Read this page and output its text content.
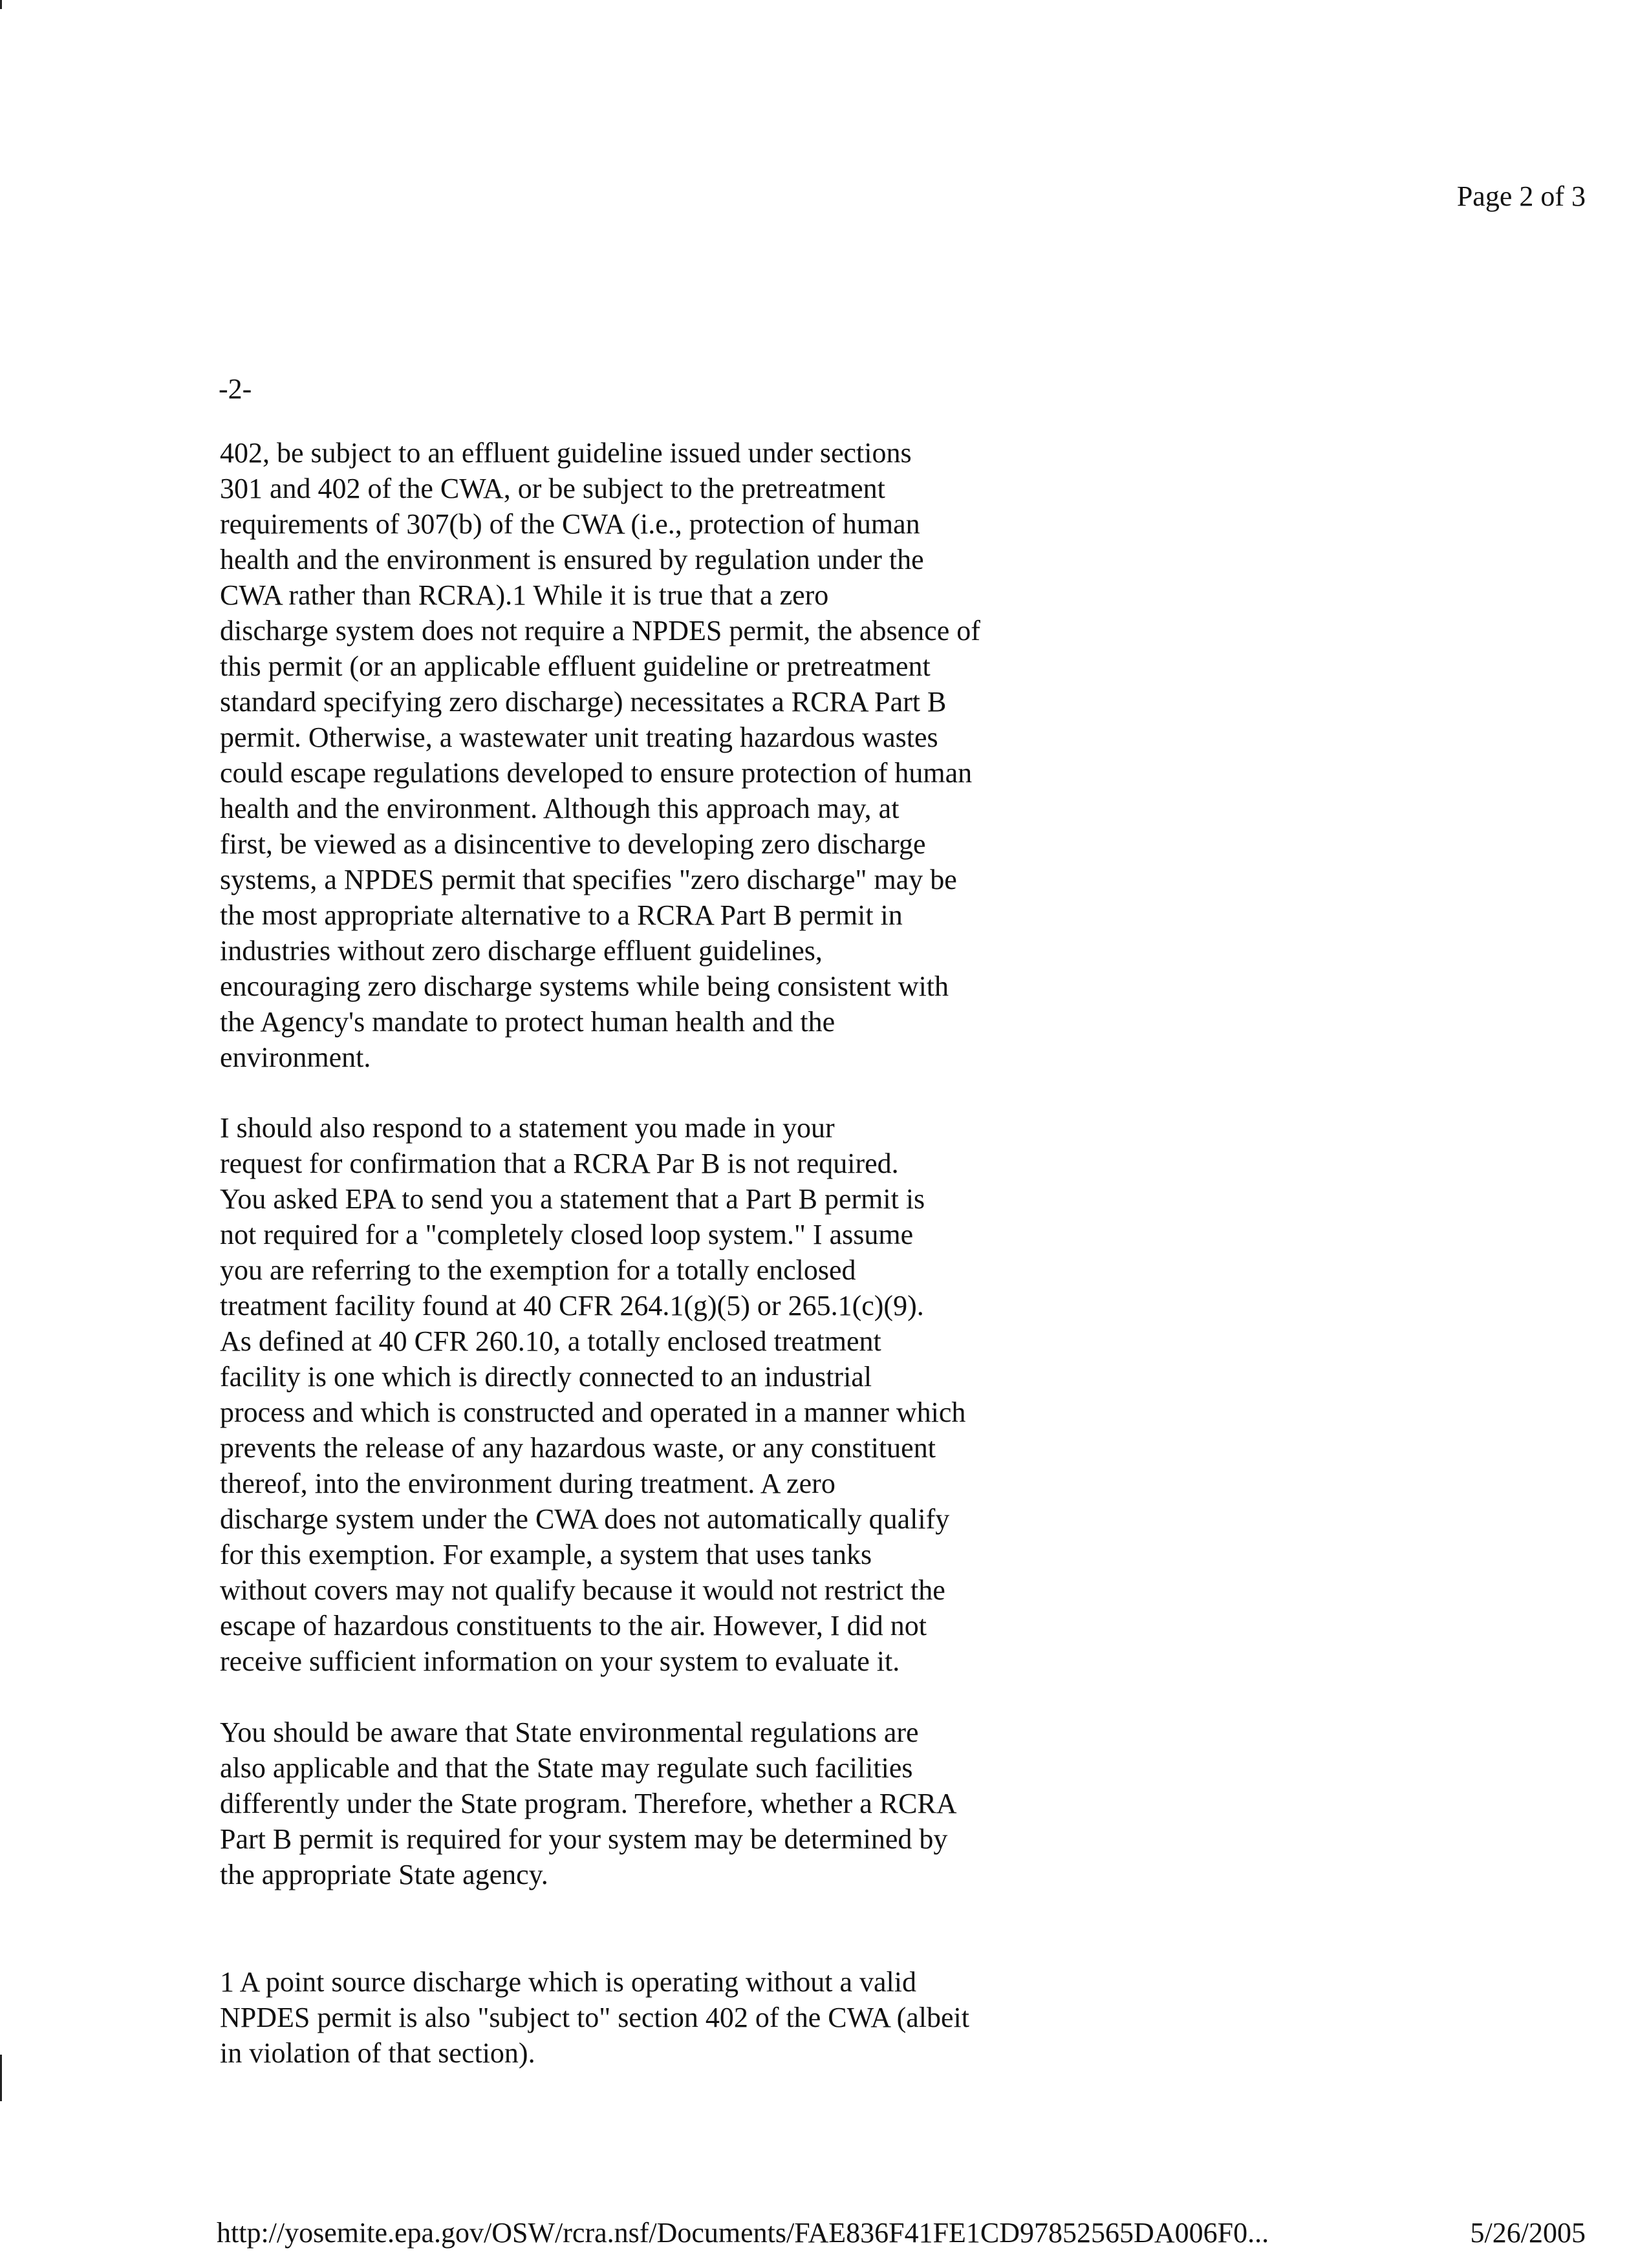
Page 2 of 3
-2-
402, be subject to an effluent guideline issued under sections
301 and 402 of the CWA, or be subject to the pretreatment
requirements of 307(b) of the CWA (i.e., protection of human
health and the environment is ensured by regulation under the
CWA rather than RCRA).1 While it is true that a zero
discharge system does not require a NPDES permit, the absence of
this permit (or an applicable effluent guideline or pretreatment
standard specifying zero discharge) necessitates a RCRA Part B
permit. Otherwise, a wastewater unit treating hazardous wastes
could escape regulations developed to ensure protection of human
health and the environment. Although this approach may, at
first, be viewed as a disincentive to developing zero discharge
systems, a NPDES permit that specifies "zero discharge" may be
the most appropriate alternative to a RCRA Part B permit in
industries without zero discharge effluent guidelines,
encouraging zero discharge systems while being consistent with
the Agency's mandate to protect human health and the
environment.
I should also respond to a statement you made in your
request for confirmation that a RCRA Par B is not required.
You asked EPA to send you a statement that a Part B permit is
not required for a "completely closed loop system." I assume
you are referring to the exemption for a totally enclosed
treatment facility found at 40 CFR 264.1(g)(5) or 265.1(c)(9).
As defined at 40 CFR 260.10, a totally enclosed treatment
facility is one which is directly connected to an industrial
process and which is constructed and operated in a manner which
prevents the release of any hazardous waste, or any constituent
thereof, into the environment during treatment. A zero
discharge system under the CWA does not automatically qualify
for this exemption. For example, a system that uses tanks
without covers may not qualify because it would not restrict the
escape of hazardous constituents to the air. However, I did not
receive sufficient information on your system to evaluate it.
You should be aware that State environmental regulations are
also applicable and that the State may regulate such facilities
differently under the State program. Therefore, whether a RCRA
Part B permit is required for your system may be determined by
the appropriate State agency.
1 A point source discharge which is operating without a valid
NPDES permit is also "subject to" section 402 of the CWA (albeit
in violation of that section).
http://yosemite.epa.gov/OSW/rcra.nsf/Documents/FAE836F41FE1CD97852565DA006F0...	5/26/2005
